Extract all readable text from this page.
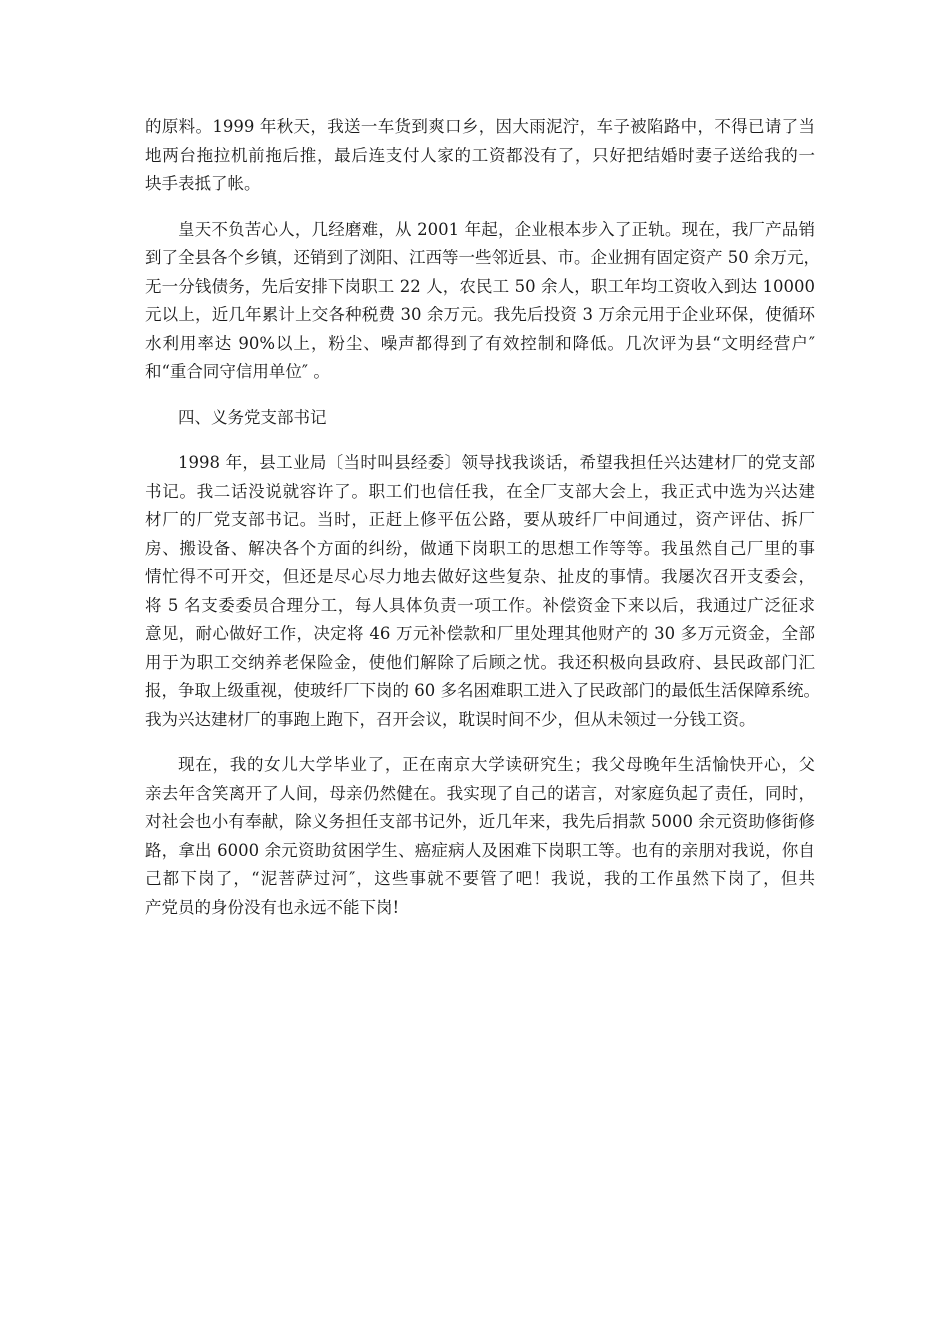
的原料。1999 年秋天，我送一车货到爽口乡，因大雨泥泞，车子被陷路中，不得已请了当
地两台拖拉机前拖后推，最后连支付人家的工资都没有了，只好把结婚时妻子送给我的一
块手表抵了帐。
皇天不负苦心人，几经磨难，从 2001 年起，企业根本步入了正轨。现在，我厂产品销
到了全县各个乡镇，还销到了浏阳、江西等一些邻近县、市。企业拥有固定资产 50 余万元，
无一分钱债务，先后安排下岗职工 22 人，农民工 50 余人，职工年均工资收入到达 10000
元以上，近几年累计上交各种税费 30 余万元。我先后投资 3 万余元用于企业环保，使循环
水利用率达 90%以上，粉尘、噪声都得到了有效控制和降低。几次评为县“文明经营户″
和“重合同守信用单位″ 。
四、义务党支部书记
1998 年，县工业局〔当时叫县经委〕领导找我谈话，希望我担任兴达建材厂的党支部
书记。我二话没说就容许了。职工们也信任我，在全厂支部大会上，我正式中选为兴达建
材厂的厂党支部书记。当时，正赶上修平伍公路，要从玻纤厂中间通过，资产评估、拆厂
房、搬设备、解决各个方面的纠纷，做通下岗职工的思想工作等等。我虽然自己厂里的事
情忙得不可开交，但还是尽心尽力地去做好这些复杂、扯皮的事情。我屡次召开支委会，
将 5 名支委委员合理分工，每人具体负责一项工作。补偿资金下来以后，我通过广泛征求
意见，耐心做好工作，决定将 46 万元补偿款和厂里处理其他财产的 30 多万元资金，全部
用于为职工交纳养老保险金，使他们解除了后顾之忧。我还积极向县政府、县民政部门汇
报，争取上级重视，使玻纤厂下岗的 60 多名困难职工进入了民政部门的最低生活保障系统。
我为兴达建材厂的事跑上跑下，召开会议，耽误时间不少，但从未领过一分钱工资。
现在，我的女儿大学毕业了，正在南京大学读研究生；我父母晚年生活愉快开心，父
亲去年含笑离开了人间，母亲仍然健在。我实现了自己的诺言，对家庭负起了责任，同时，
对社会也小有奉献，除义务担任支部书记外，近几年来，我先后捐款 5000 余元资助修街修
路，拿出 6000 余元资助贫困学生、癌症病人及困难下岗职工等。也有的亲朋对我说，你自
己都下岗了，“泥菩萨过河″，这些事就不要管了吧！我说，我的工作虽然下岗了，但共
产党员的身份没有也永远不能下岗!
